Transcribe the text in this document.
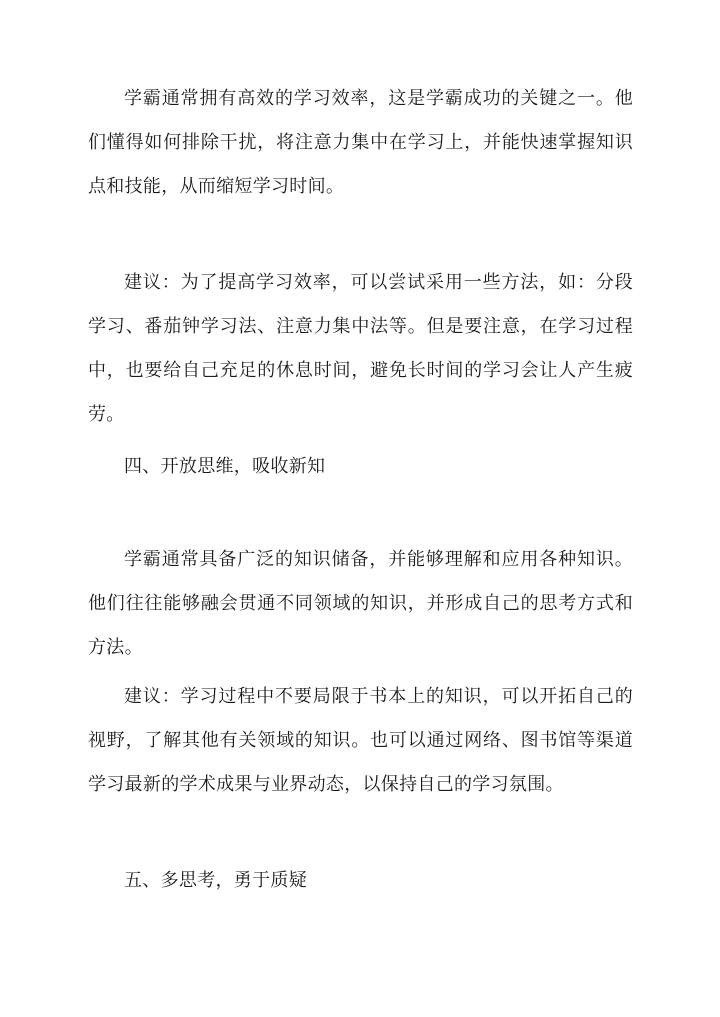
学霸通常拥有高效的学习效率，这是学霸成功的关键之一。他们懂得如何排除干扰，将注意力集中在学习上，并能快速掌握知识点和技能，从而缩短学习时间。

建议：为了提高学习效率，可以尝试采用一些方法，如：分段学习、番茄钟学习法、注意力集中法等。但是要注意，在学习过程中，也要给自己充足的休息时间，避免长时间的学习会让人产生疲劳。

四、开放思维，吸收新知

学霸通常具备广泛的知识储备，并能够理解和应用各种知识。他们往往能够融会贯通不同领域的知识，并形成自己的思考方式和方法。

建议：学习过程中不要局限于书本上的知识，可以开拓自己的视野，了解其他有关领域的知识。也可以通过网络、图书馆等渠道学习最新的学术成果与业界动态，以保持自己的学习氛围。

五、多思考，勇于质疑
